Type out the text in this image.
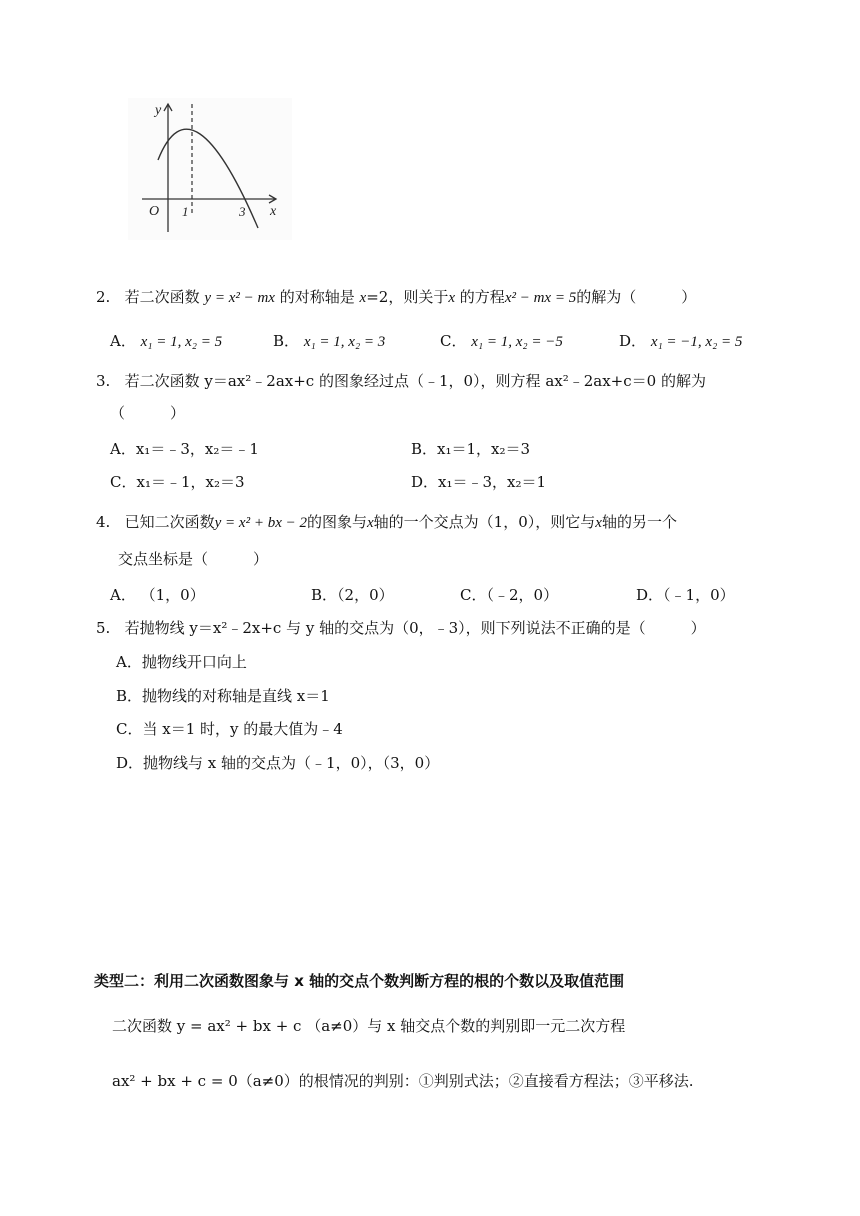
y
x
O 1	3
2. 若二次函数 y = x² − mx 的对称轴是 x=2，则关于x 的方程x² − mx = 5的解为（　　　）
A． x₁ = 1, x₂ = 5	B． x₁ = 1, x₂ = 3	C． x₁ = 1, x₂ = −5	D． x₁ = −1, x₂ = 5
3. 若二次函数 y＝ax²﹣2ax+c 的图象经过点（﹣1，0），则方程 ax²﹣2ax+c＝0 的解为
（　　　）
A．x₁＝﹣3，x₂＝﹣1	B．x₁＝1，x₂＝3
C．x₁＝﹣1，x₂＝3	D．x₁＝﹣3，x₂＝1
4. 已知二次函数y = x² + bx − 2的图象与x轴的一个交点为（1，0），则它与x轴的另一个
交点坐标是（　　　）
A． （1，0）	B．（2，0）	C．（﹣2，0）	D．（﹣1，0）
5. 若抛物线 y＝x²﹣2x+c 与 y 轴的交点为（0，﹣3），则下列说法不正确的是（　　　）
A．抛物线开口向上
B．抛物线的对称轴是直线 x＝1
C．当 x＝1 时，y 的最大值为﹣4
D．抛物线与 x 轴的交点为（﹣1，0），（3，0）
类型二：利用二次函数图象与 x 轴的交点个数判断方程的根的个数以及取值范围
二次函数 y = ax² + bx + c （a≠0）与 x 轴交点个数的判别即一元二次方程
ax² + bx + c = 0（a≠0）的根情况的判别：①判别式法；②直接看方程法；③平移法.
